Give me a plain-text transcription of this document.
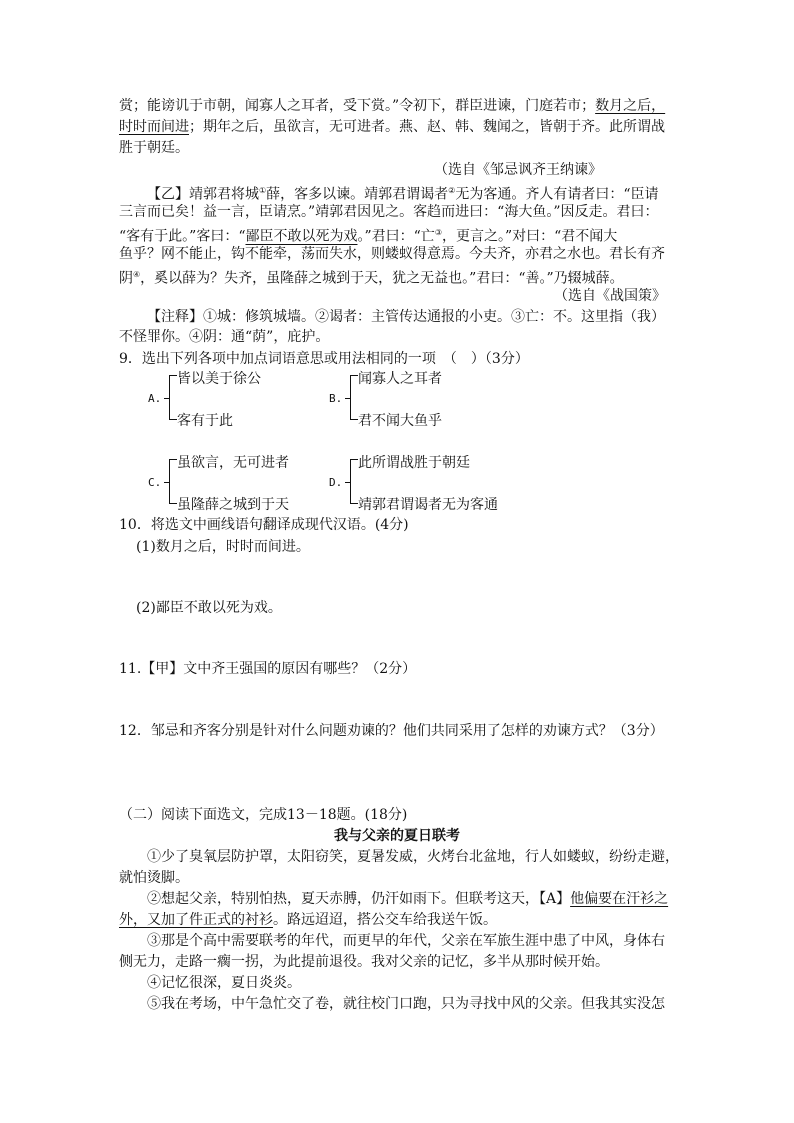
赏；能谤讥于市朝，闻寡人之耳者，受下赏。”令初下，群臣进谏，门庭若市；数月之后，
时时而间进；期年之后，虽欲言，无可进者。燕、赵、韩、魏闻之，皆朝于齐。此所谓战
胜于朝廷。
（选自《邹忌讽齐王纳谏》
【乙】靖郭君将城①薛，客多以谏。靖郭君谓谒者②无为客通。齐人有请者曰：“臣请
三言而已矣！益一言，臣请烹。”靖郭君因见之。客趋而进曰：“海大鱼。”因反走。君曰：
“客有于此。”客曰：“鄙臣不敢以死为戏。”君曰：“亡③，更言之。”对曰：“君不闻大
鱼乎？网不能止，钩不能牵，荡而失水，则蝼蚁得意焉。今夫齐，亦君之水也。君长有齐
阴④，奚以薛为？失齐，虽隆薛之城到于天，犹之无益也。”君曰：“善。”乃辍城薛。
（选自《战国策》
【注释】①城：修筑城墙。②谒者：主管传达通报的小吏。③亡：不。这里指（我）
不怪罪你。④阴：通“荫”，庇护。
9．选出下列各项中加点词语意思或用法相同的一项　（　）（3分）
A.
皆以美于徐公
客有于此
B.
闻寡人之耳者
君不闻大鱼乎
C.
虽欲言，无可进者
虽隆薛之城到于天
D.
此所谓战胜于朝廷
靖郭君谓谒者无为客通
10．将选文中画线语句翻译成现代汉语。(4分)
(1)数月之后，时时而间进。
(2)鄙臣不敢以死为戏。
11.【甲】文中齐王强国的原因有哪些？（2分）
12．邹忌和齐客分别是针对什么问题劝谏的？他们共同采用了怎样的劝谏方式？（3分）
（二）阅读下面选文，完成13－18题。(18分)
我与父亲的夏日联考
①少了臭氧层防护罩，太阳窃笑，夏暑发威，火烤台北盆地，行人如蝼蚁，纷纷走避，
就怕烫脚。
②想起父亲，特别怕热，夏天赤膊，仍汗如雨下。但联考这天，【A】他偏要在汗衫之
外，又加了件正式的衬衫。路远迢迢，搭公交车给我送午饭。
③那是个高中需要联考的年代，而更早的年代，父亲在军旅生涯中患了中风，身体右
侧无力，走路一瘸一拐，为此提前退役。我对父亲的记忆，多半从那时候开始。
④记忆很深，夏日炎炎。
⑤我在考场，中午急忙交了卷，就往校门口跑，只为寻找中风的父亲。但我其实没怎
